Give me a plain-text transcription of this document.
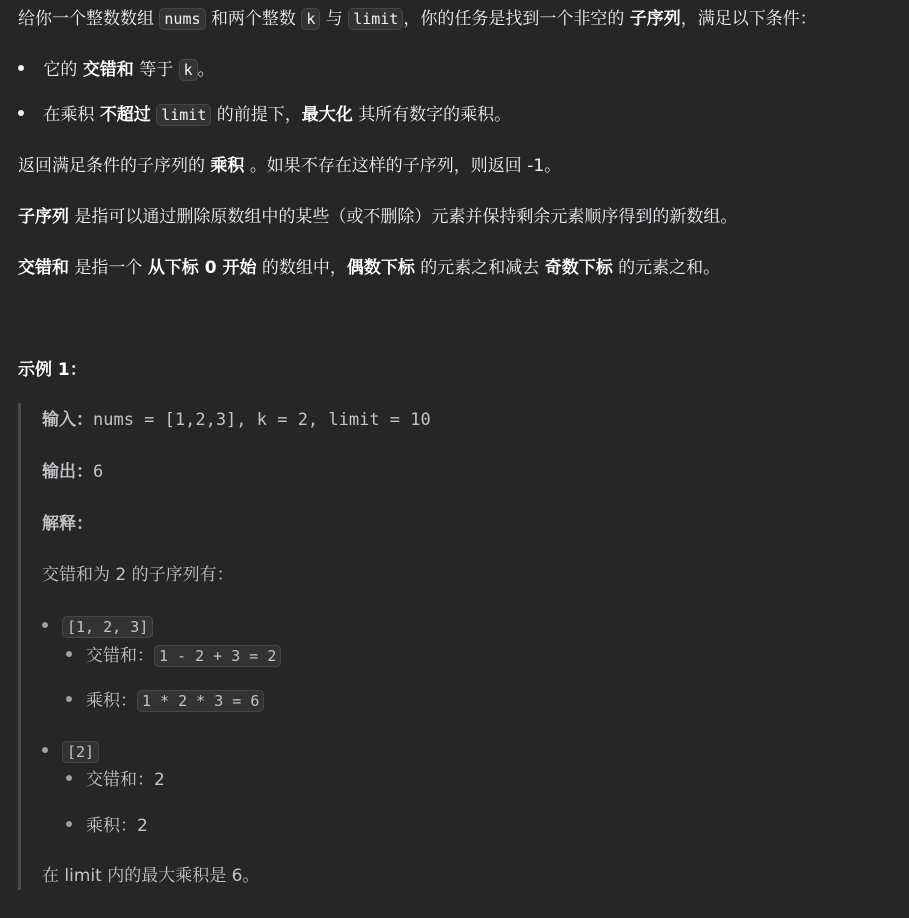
给你一个整数数组 nums 和两个整数 k 与 limit ，你的任务是找到一个非空的 子序列，满足以下条件：
它的 交错和 等于 k 。
在乘积 不超过 limit 的前提下，最大化 其所有数字的乘积。
返回满足条件的子序列的 乘积 。如果不存在这样的子序列，则返回 -1。
子序列 是指可以通过删除原数组中的某些（或不删除）元素并保持剩余元素顺序得到的新数组。
交错和 是指一个 从下标 0 开始 的数组中，偶数下标 的元素之和减去 奇数下标 的元素之和。
示例 1：
输入：nums = [1,2,3], k = 2, limit = 10
输出：6
解释：
交错和为 2 的子序列有：
[1, 2, 3]
交错和： 1 - 2 + 3 = 2
乘积： 1 * 2 * 3 = 6
[2]
交错和：2
乘积：2
在 limit 内的最大乘积是 6。
